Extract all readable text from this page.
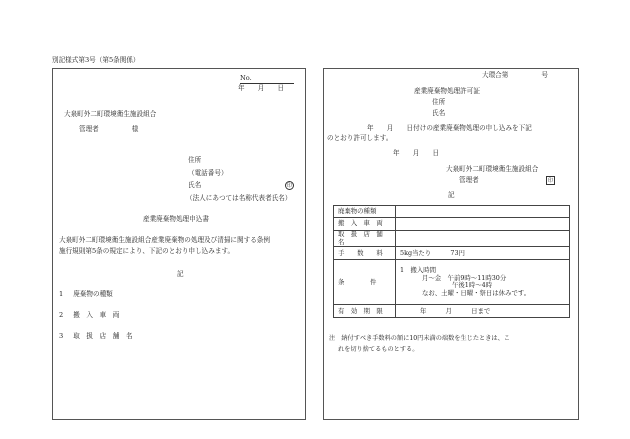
別記様式第3号（第5条関係）
No.
年　　月　　日
大泉町外二町環境衛生施設組合
管理者　　　　　様
住所
（電話番号）
氏名	印
（法人にあつては名称代表者氏名）
産業廃棄物処理申込書
大泉町外二町環境衛生施設組合産業廃棄物の処理及び清掃に関する条例
施行規則第5条の規定により、下記のとおり申し込みます。
記
1 廃棄物の種類
2 搬　入　車　両
3 取　扱　店　舗　名
大環合第　　　　　号
産業廃棄物処理許可証
住所
氏名
年　　月　　日付けの産業廃棄物処理の申し込みを下記
のとおり許可します。
年　　月　　日
大泉町外二町環境衛生施設組合
管理者	印
記
廃棄物の種類	
搬　入　車　両	
取　扱　店　舗　名	
手　　数　　料	5kg当たり　　　73円
条　　　　件	1　搬入時間
月～金　午前9時～11時30分
午後1時～4時
なお、土曜・日曜・祭日は休みです。

有　効　期　限	年　　　月　　　日まで
注　納付すべき手数料の額に10円未満の端数を生じたときは、こ
れを切り捨てるものとする。
